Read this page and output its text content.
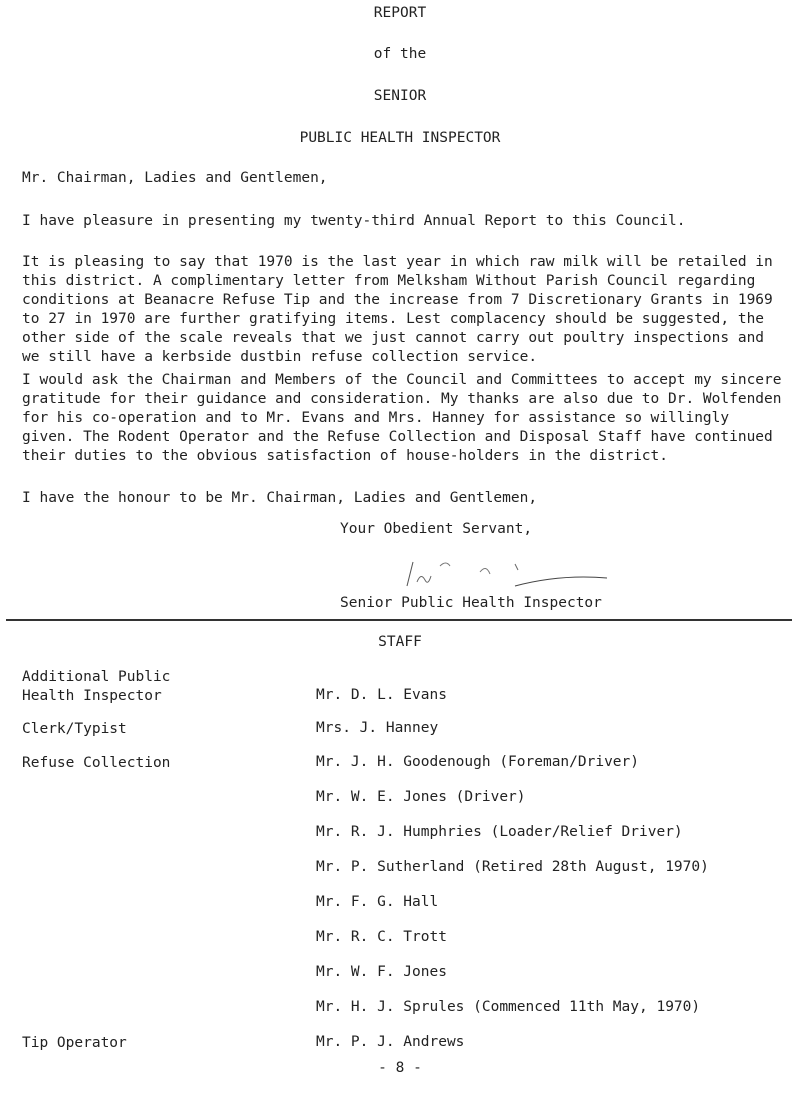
REPORT
of the
SENIOR
PUBLIC HEALTH INSPECTOR
Mr. Chairman, Ladies and Gentlemen,

I have pleasure in presenting my twenty-third Annual Report to this Council.

It is pleasing to say that 1970 is the last year in which raw milk will be retailed in this district. A complimentary letter from Melksham Without Parish Council regarding conditions at Beanacre Refuse Tip and the increase from 7 Discretionary Grants in 1969 to 27 in 1970 are further gratifying items. Lest complacency should be suggested, the other side of the scale reveals that we just cannot carry out poultry inspections and we still have a kerbside dustbin refuse collection service.

I would ask the Chairman and Members of the Council and Committees to accept my sincere gratitude for their guidance and consideration. My thanks are also due to Dr. Wolfenden for his co-operation and to Mr. Evans and Mrs. Hanney for assistance so willingly given. The Rodent Operator and the Refuse Collection and Disposal Staff have continued their duties to the obvious satisfaction of house-holders in the district.

I have the honour to be Mr. Chairman, Ladies and Gentlemen,

Your Obedient Servant,
Senior Public Health Inspector
STAFF
Additional Public
Health Inspector
Clerk/Typist
Refuse Collection
Tip Operator
Mr. D. L. Evans
Mrs. J. Hanney
Mr. J. H. Goodenough (Foreman/Driver)
Mr. W. E. Jones (Driver)
Mr. R. J. Humphries (Loader/Relief Driver)
Mr. P. Sutherland (Retired 28th August, 1970)
Mr. F. G. Hall
Mr. R. C. Trott
Mr. W. F. Jones
Mr. H. J. Sprules (Commenced 11th May, 1970)
Mr. P. J. Andrews
- 8 -
